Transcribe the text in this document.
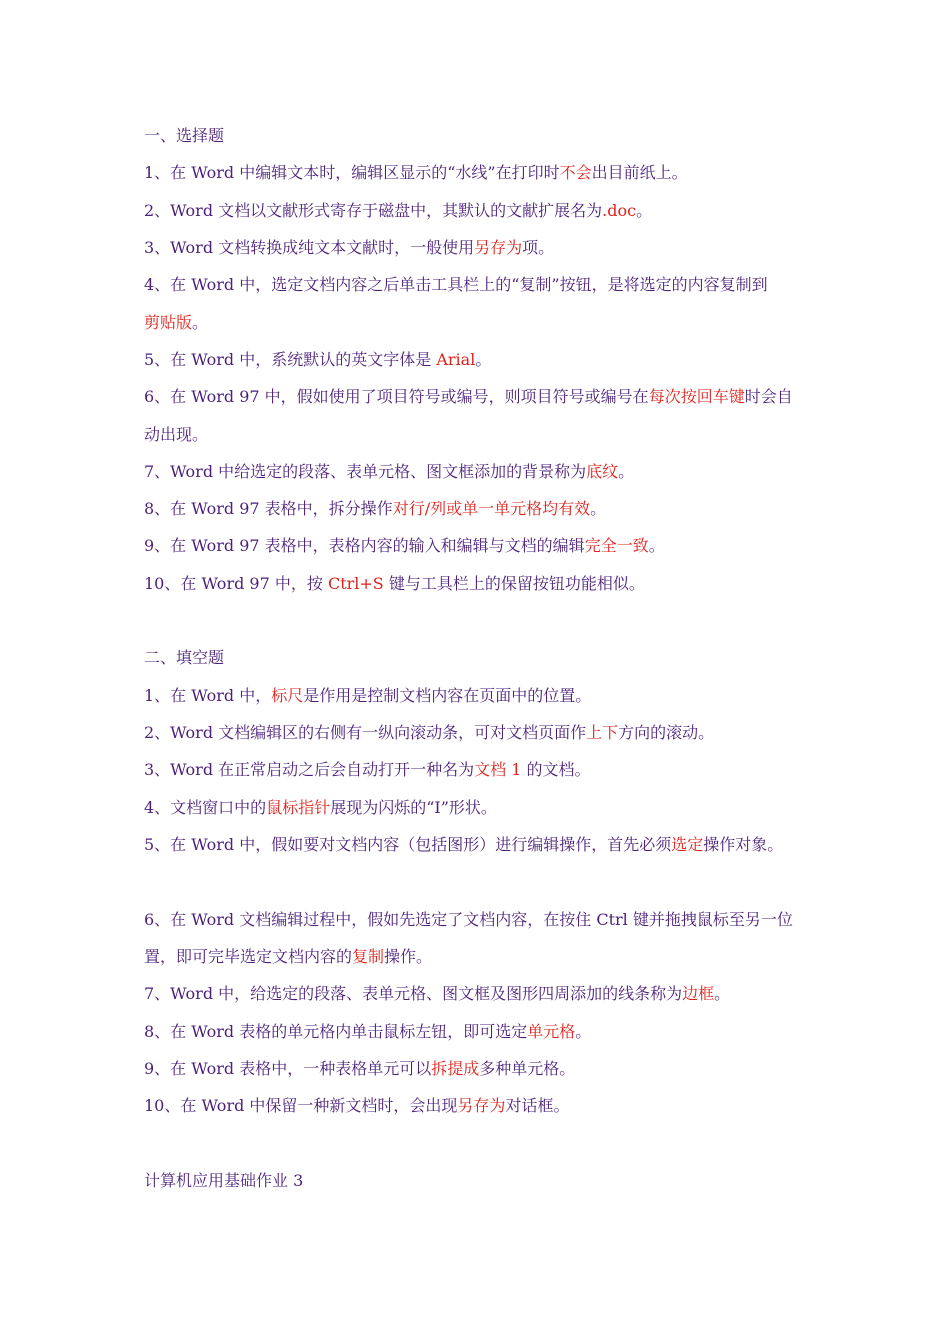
一、选择题
1、在 Word 中编辑文本时，编辑区显示的“水线”在打印时不会出目前纸上。
2、Word 文档以文献形式寄存于磁盘中，其默认的文献扩展名为.doc。
3、Word 文档转换成纯文本文献时，一般使用另存为项。
4、在 Word 中，选定文档内容之后单击工具栏上的“复制”按钮，是将选定的内容复制到
剪贴版。
5、在 Word 中，系统默认的英文字体是 Arial。
6、在 Word 97 中，假如使用了项目符号或编号，则项目符号或编号在每次按回车键时会自
动出现。
7、Word 中给选定的段落、表单元格、图文框添加的背景称为底纹。
8、在 Word 97 表格中，拆分操作对行/列或单一单元格均有效。
9、在 Word 97 表格中，表格内容的输入和编辑与文档的编辑完全一致。
10、在 Word 97 中，按 Ctrl+S 键与工具栏上的保留按钮功能相似。
二、填空题
1、在 Word 中，标尺是作用是控制文档内容在页面中的位置。
2、Word 文档编辑区的右侧有一纵向滚动条，可对文档页面作上下方向的滚动。
3、Word 在正常启动之后会自动打开一种名为文档 1 的文档。
4、文档窗口中的鼠标指针展现为闪烁的“I”形状。
5、在 Word 中，假如要对文档内容（包括图形）进行编辑操作，首先必须选定操作对象。
6、在 Word 文档编辑过程中，假如先选定了文档内容，在按住 Ctrl 键并拖拽鼠标至另一位
置，即可完毕选定文档内容的复制操作。
7、Word 中，给选定的段落、表单元格、图文框及图形四周添加的线条称为边框。
8、在 Word 表格的单元格内单击鼠标左钮，即可选定单元格。
9、在 Word 表格中，一种表格单元可以拆提成多种单元格。
10、在 Word 中保留一种新文档时，会出现另存为对话框。
计算机应用基础作业 3
